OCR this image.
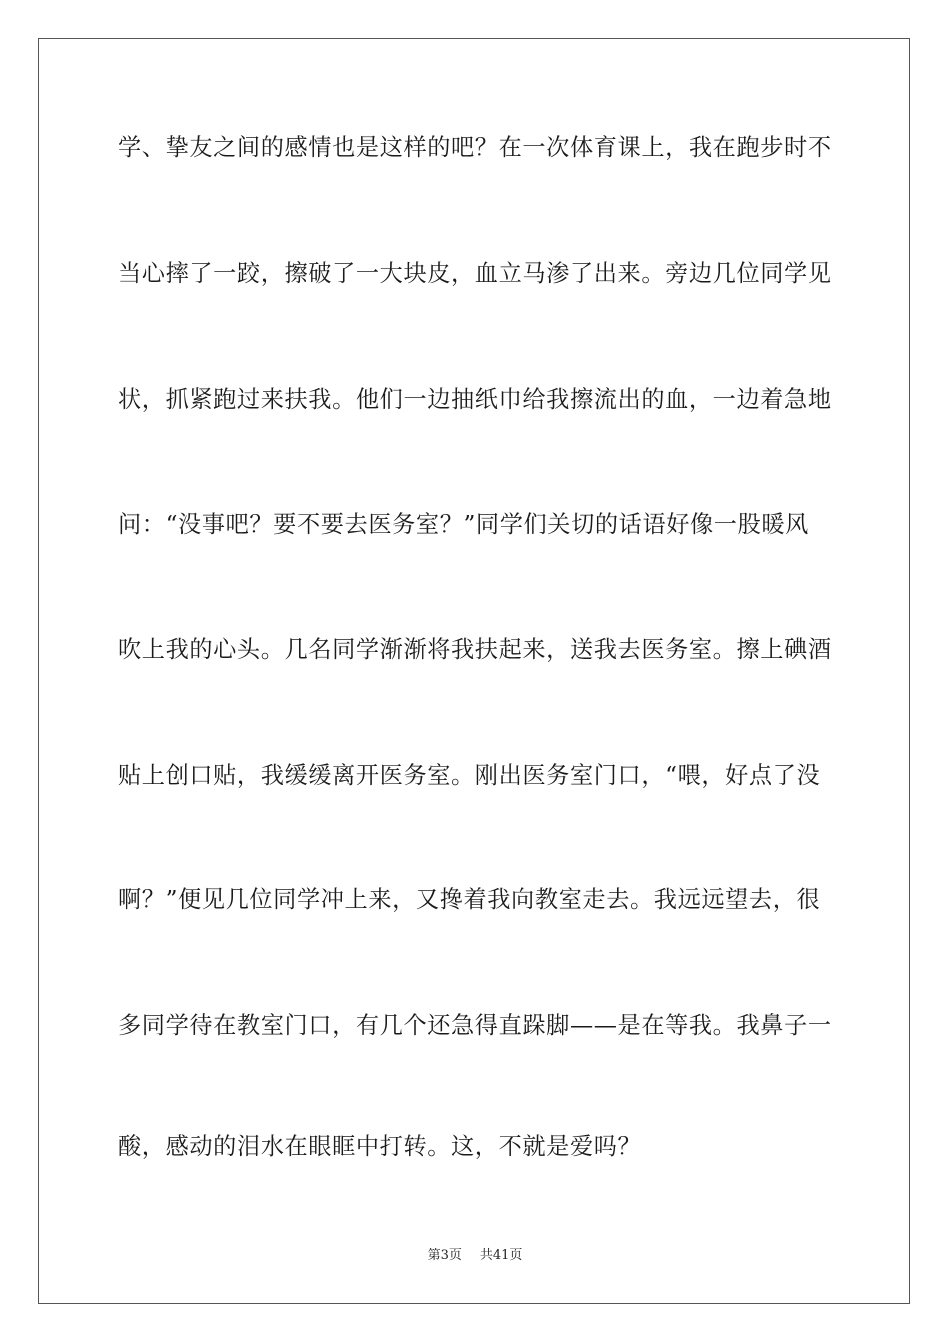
学、挚友之间的感情也是这样的吧？在一次体育课上，我在跑步时不
当心摔了一跤，擦破了一大块皮，血立马渗了出来。旁边几位同学见
状，抓紧跑过来扶我。他们一边抽纸巾给我擦流出的血，一边着急地
问：“没事吧？要不要去医务室？”同学们关切的话语好像一股暖风
吹上我的心头。几名同学渐渐将我扶起来，送我去医务室。擦上碘酒
贴上创口贴，我缓缓离开医务室。刚出医务室门口，“喂，好点了没
啊？”便见几位同学冲上来，又搀着我向教室走去。我远远望去，很
多同学待在教室门口，有几个还急得直跺脚——是在等我。我鼻子一
酸，感动的泪水在眼眶中打转。这，不就是爱吗？
第3页 共41页
